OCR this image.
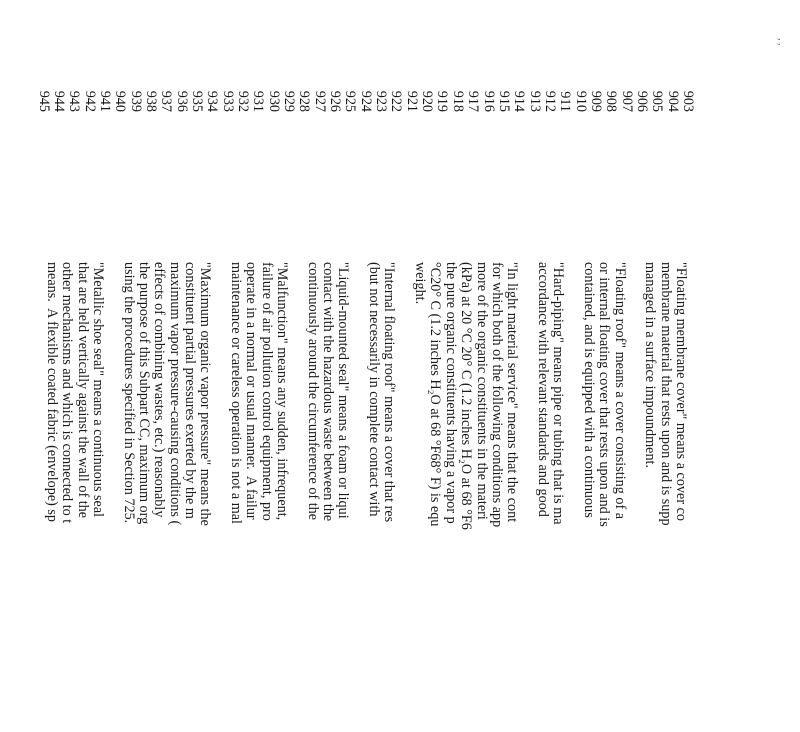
, ,
903
904
905
906
907
908
909
910
911
912
913
914
915
916
917
918
919
920
921
922
923
924
925
926
927
928
929
930
931
932
933
934
935
936
937
938
939
940
941
942
943
944
945
"Floating membrane cover" means a cover co
membrane material that rests upon and is supp
managed in a surface impoundment.
"Floating roof" means a cover consisting of a
or internal floating cover that rests upon and is
contained, and is equipped with a continuous
"Hard-piping" means pipe or tubing that is ma
accordance with relevant standards and good
"In light material service" means that the cont
for which both of the following conditions app
more of the organic constituents in the materi
(kPa) at 20 °C 20° C (1.2 inches H₂O at 68 °F6
the pure organic constituents having a vapor p
°C20° C (1.2 inches H₂O at 68 °F68° F) is equ
weight.
"Internal floating roof" means a cover that res
(but not necessarily in complete contact with
"Liquid-mounted seal" means a foam or liqui
contact with the hazardous waste between the
continuously around the circumference of the
"Malfunction" means any sudden, infrequent,
failure of air pollution control equipment, pro
operate in a normal or usual manner.  A failur
maintenance or careless operation is not a mal
"Maximum organic vapor pressure" means the
constituent partial pressures exerted by the m
maximum vapor pressure-causing conditions (
effects of combining wastes, etc.) reasonably
the purpose of this Subpart CC, maximum org
using the procedures specified in Section 725.
"Metallic shoe seal" means a continuous seal
that are held vertically against the wall of the
other mechanisms and which is connected to t
means.  A flexible coated fabric (envelope) sp
